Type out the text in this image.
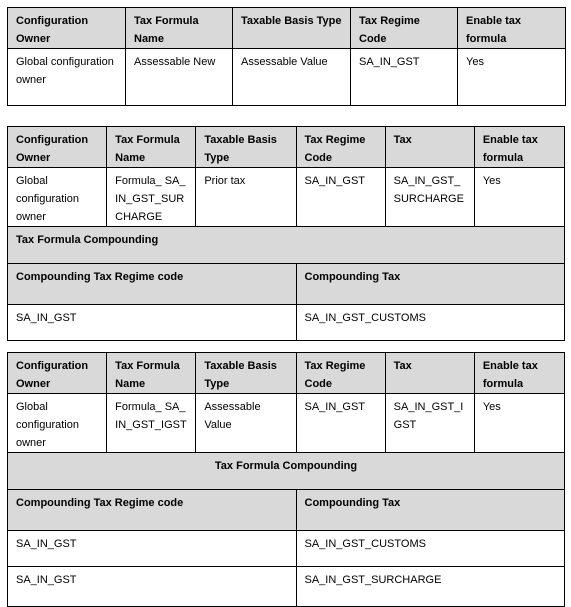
Configuration Owner	Tax Formula Name	Taxable Basis Type	Tax Regime Code	Enable tax formula
Global configuration owner	Assessable New	Assessable Value	SA_IN_GST	Yes
Configuration Owner	Tax Formula Name	Taxable Basis Type	Tax Regime Code	Tax	Enable tax formula
Global configuration owner	Formula_ SA_IN_GST_SURCHARGE	Prior tax	SA_IN_GST	SA_IN_GST_SURCHARGE	Yes
Tax Formula Compounding					
Compounding Tax Regime code			Compounding Tax		
SA_IN_GST			SA_IN_GST_CUSTOMS		
Configuration Owner	Tax Formula Name	Taxable Basis Type	Tax Regime Code	Tax	Enable tax formula
Global configuration owner	Formula_ SA_IN_GST_IGST	Assessable Value	SA_IN_GST	SA_IN_GST_IGST	Yes
Tax Formula Compounding					
Compounding Tax Regime code			Compounding Tax		
SA_IN_GST			SA_IN_GST_CUSTOMS		
SA_IN_GST			SA_IN_GST_SURCHARGE		
